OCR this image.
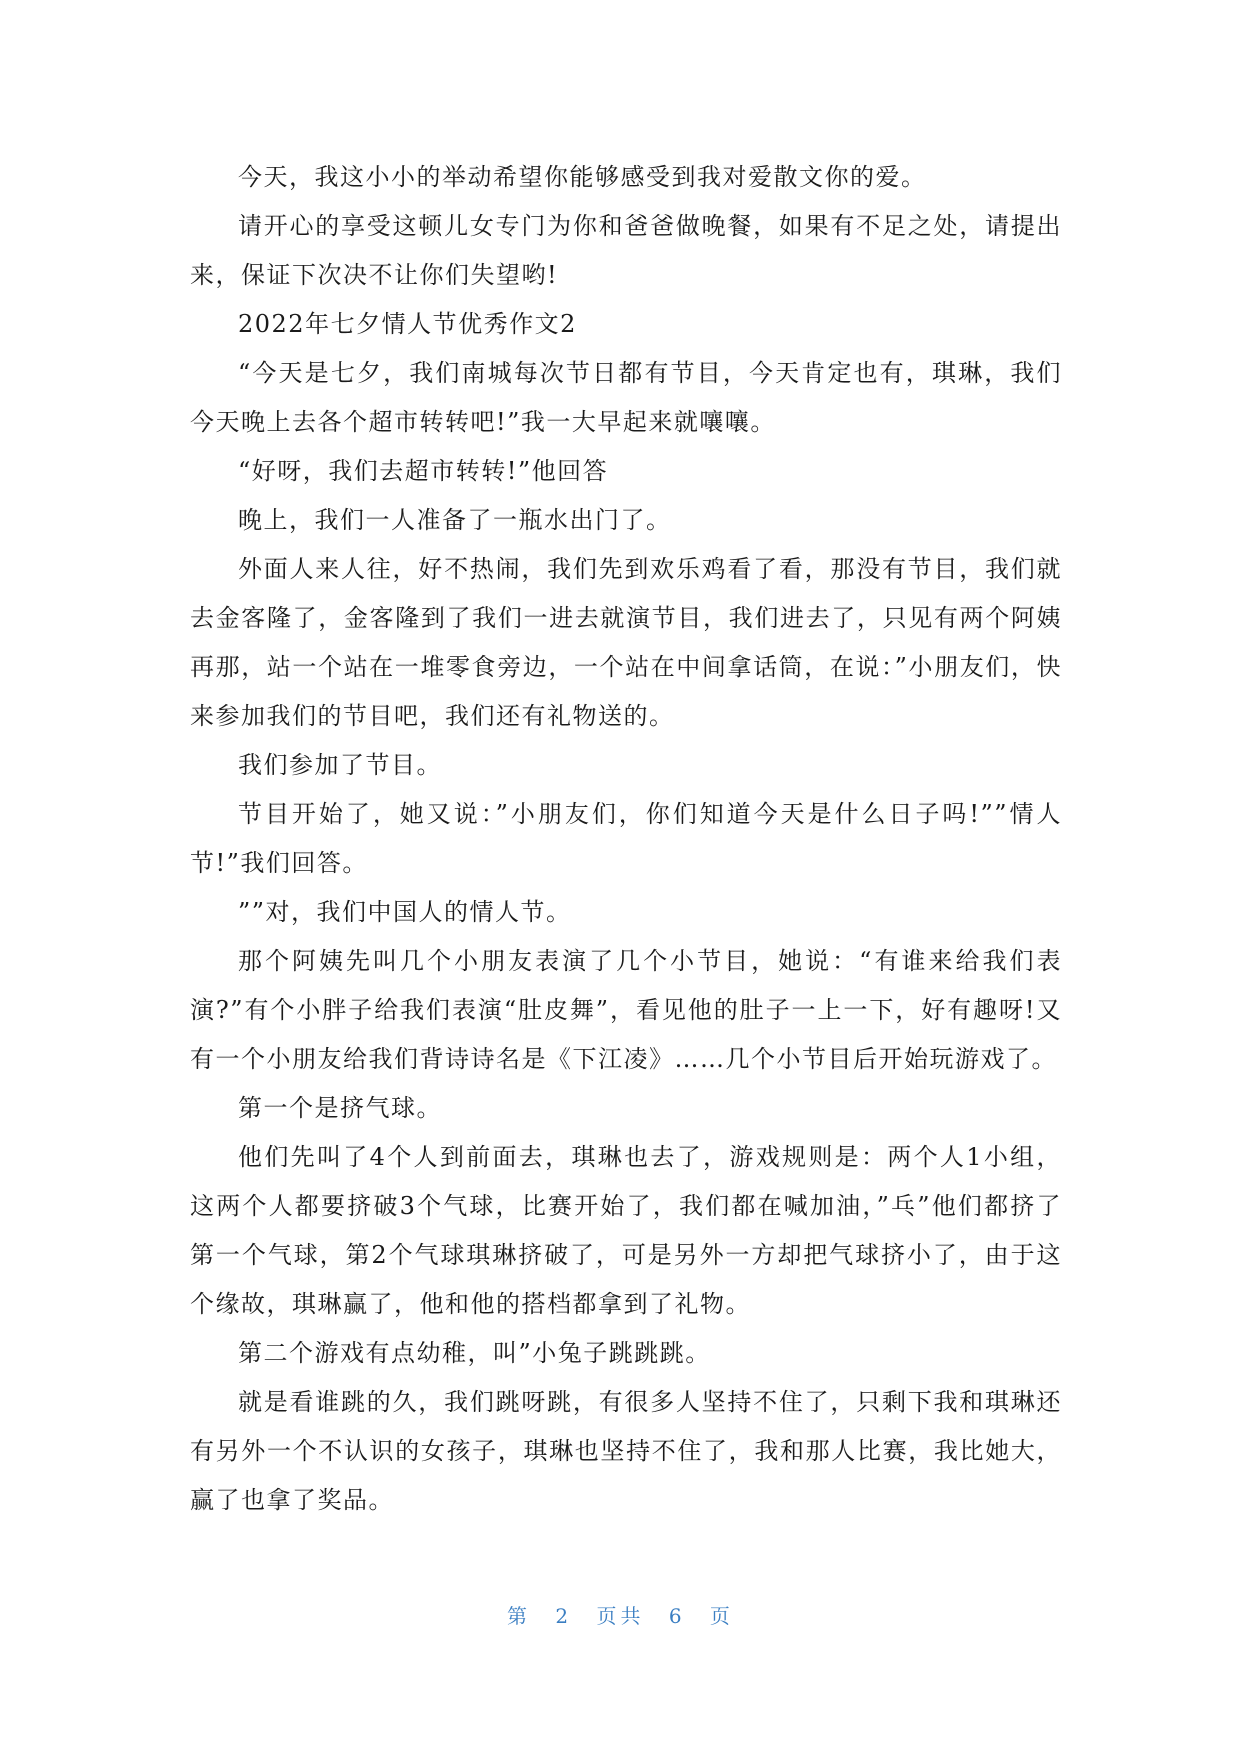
今天，我这小小的举动希望你能够感受到我对爱散文你的爱。

请开心的享受这顿儿女专门为你和爸爸做晚餐，如果有不足之处，请提出来，保证下次决不让你们失望哟!

2022年七夕情人节优秀作文2

“今天是七夕，我们南城每次节日都有节目，今天肯定也有，琪琳，我们今天晚上去各个超市转转吧!”我一大早起来就嚷嚷。

“好呀，我们去超市转转!”他回答

晚上，我们一人准备了一瓶水出门了。

外面人来人往，好不热闹，我们先到欢乐鸡看了看，那没有节目，我们就去金客隆了，金客隆到了我们一进去就演节目，我们进去了，只见有两个阿姨再那，站一个站在一堆零食旁边，一个站在中间拿话筒，在说：”小朋友们，快来参加我们的节目吧，我们还有礼物送的。

我们参加了节目。

节目开始了，她又说：”小朋友们，你们知道今天是什么日子吗!””情人节!”我们回答。

””对，我们中国人的情人节。

那个阿姨先叫几个小朋友表演了几个小节目，她说：“有谁来给我们表演?”有个小胖子给我们表演“肚皮舞”，看见他的肚子一上一下，好有趣呀!又有一个小朋友给我们背诗诗名是《下江凌》……几个小节目后开始玩游戏了。

第一个是挤气球。

他们先叫了4个人到前面去，琪琳也去了，游戏规则是：两个人1小组，这两个人都要挤破3个气球，比赛开始了，我们都在喊加油，”乓”他们都挤了第一个气球，第2个气球琪琳挤破了，可是另外一方却把气球挤小了，由于这个缘故，琪琳赢了，他和他的搭档都拿到了礼物。

第二个游戏有点幼稚，叫”小兔子跳跳跳。

就是看谁跳的久，我们跳呀跳，有很多人坚持不住了，只剩下我和琪琳还有另外一个不认识的女孩子，琪琳也坚持不住了，我和那人比赛，我比她大，赢了也拿了奖品。

第 2 页共 6 页
